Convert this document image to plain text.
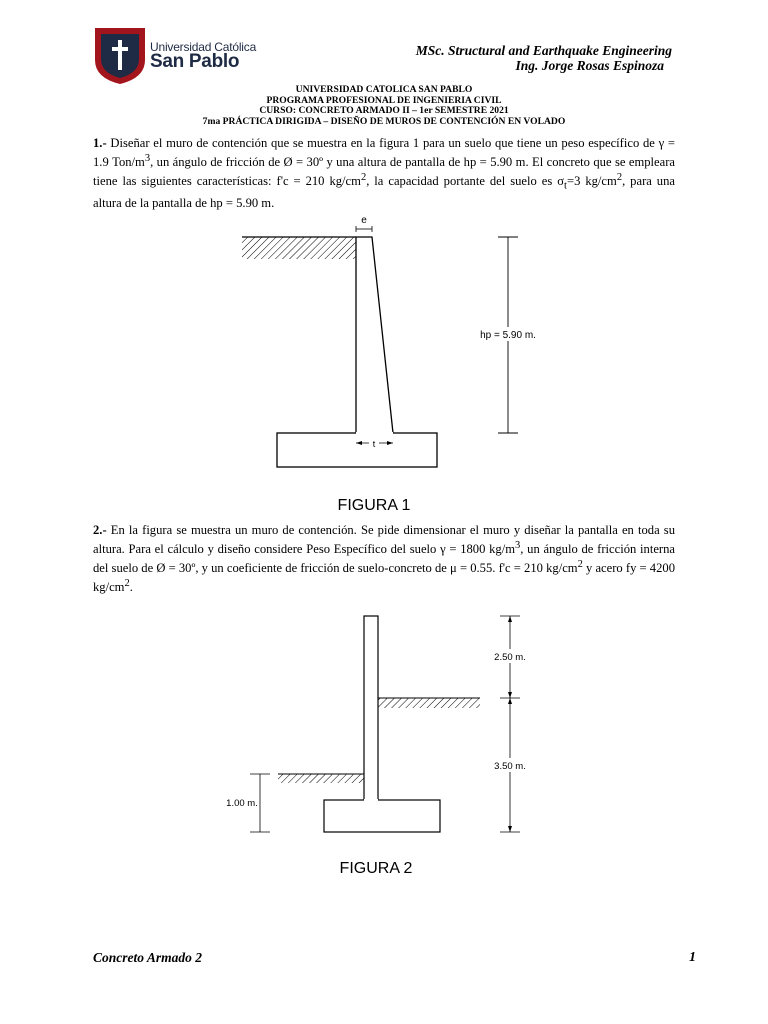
Universidad Católica
San Pablo
MSc. Structural and Earthquake Engineering
Ing. Jorge Rosas Espinoza
UNIVERSIDAD CATOLICA SAN PABLO
PROGRAMA PROFESIONAL DE INGENIERIA CIVIL
CURSO: CONCRETO ARMADO II – 1er SEMESTRE 2021
7ma PRÁCTICA DIRIGIDA – DISEÑO DE MUROS DE CONTENCIÓN EN VOLADO
1.- Diseñar el muro de contención que se muestra en la figura 1 para un suelo que tiene un peso específico de γ = 1.9 Ton/$m^3$, un ángulo de fricción de Ø = 30º y una altura de pantalla de hp = 5.90 m. El concreto que se empleara tiene las siguientes características: f'c = 210 $kg/cm^2$, la capacidad portante del suelo es $\sigma_t=3$ $kg/cm^2$, para una altura de la pantalla de hp = 5.90 m.
e
t
hp = 5.90 m.
FIGURA 1
2.- En la figura se muestra un muro de contención. Se pide dimensionar el muro y diseñar la pantalla en toda su altura. Para el cálculo y diseño considere Peso Específico del suelo γ = 1800 $kg/m^3$, un ángulo de fricción interna del suelo de Ø = 30º, y un coeficiente de fricción de suelo-concreto de μ = 0.55. f'c = 210 $kg/cm^2$ y acero fy = 4200 $kg/cm^2$.
2.50 m.
3.50 m.
1.00 m.
FIGURA 2
Concreto Armado 2	1
